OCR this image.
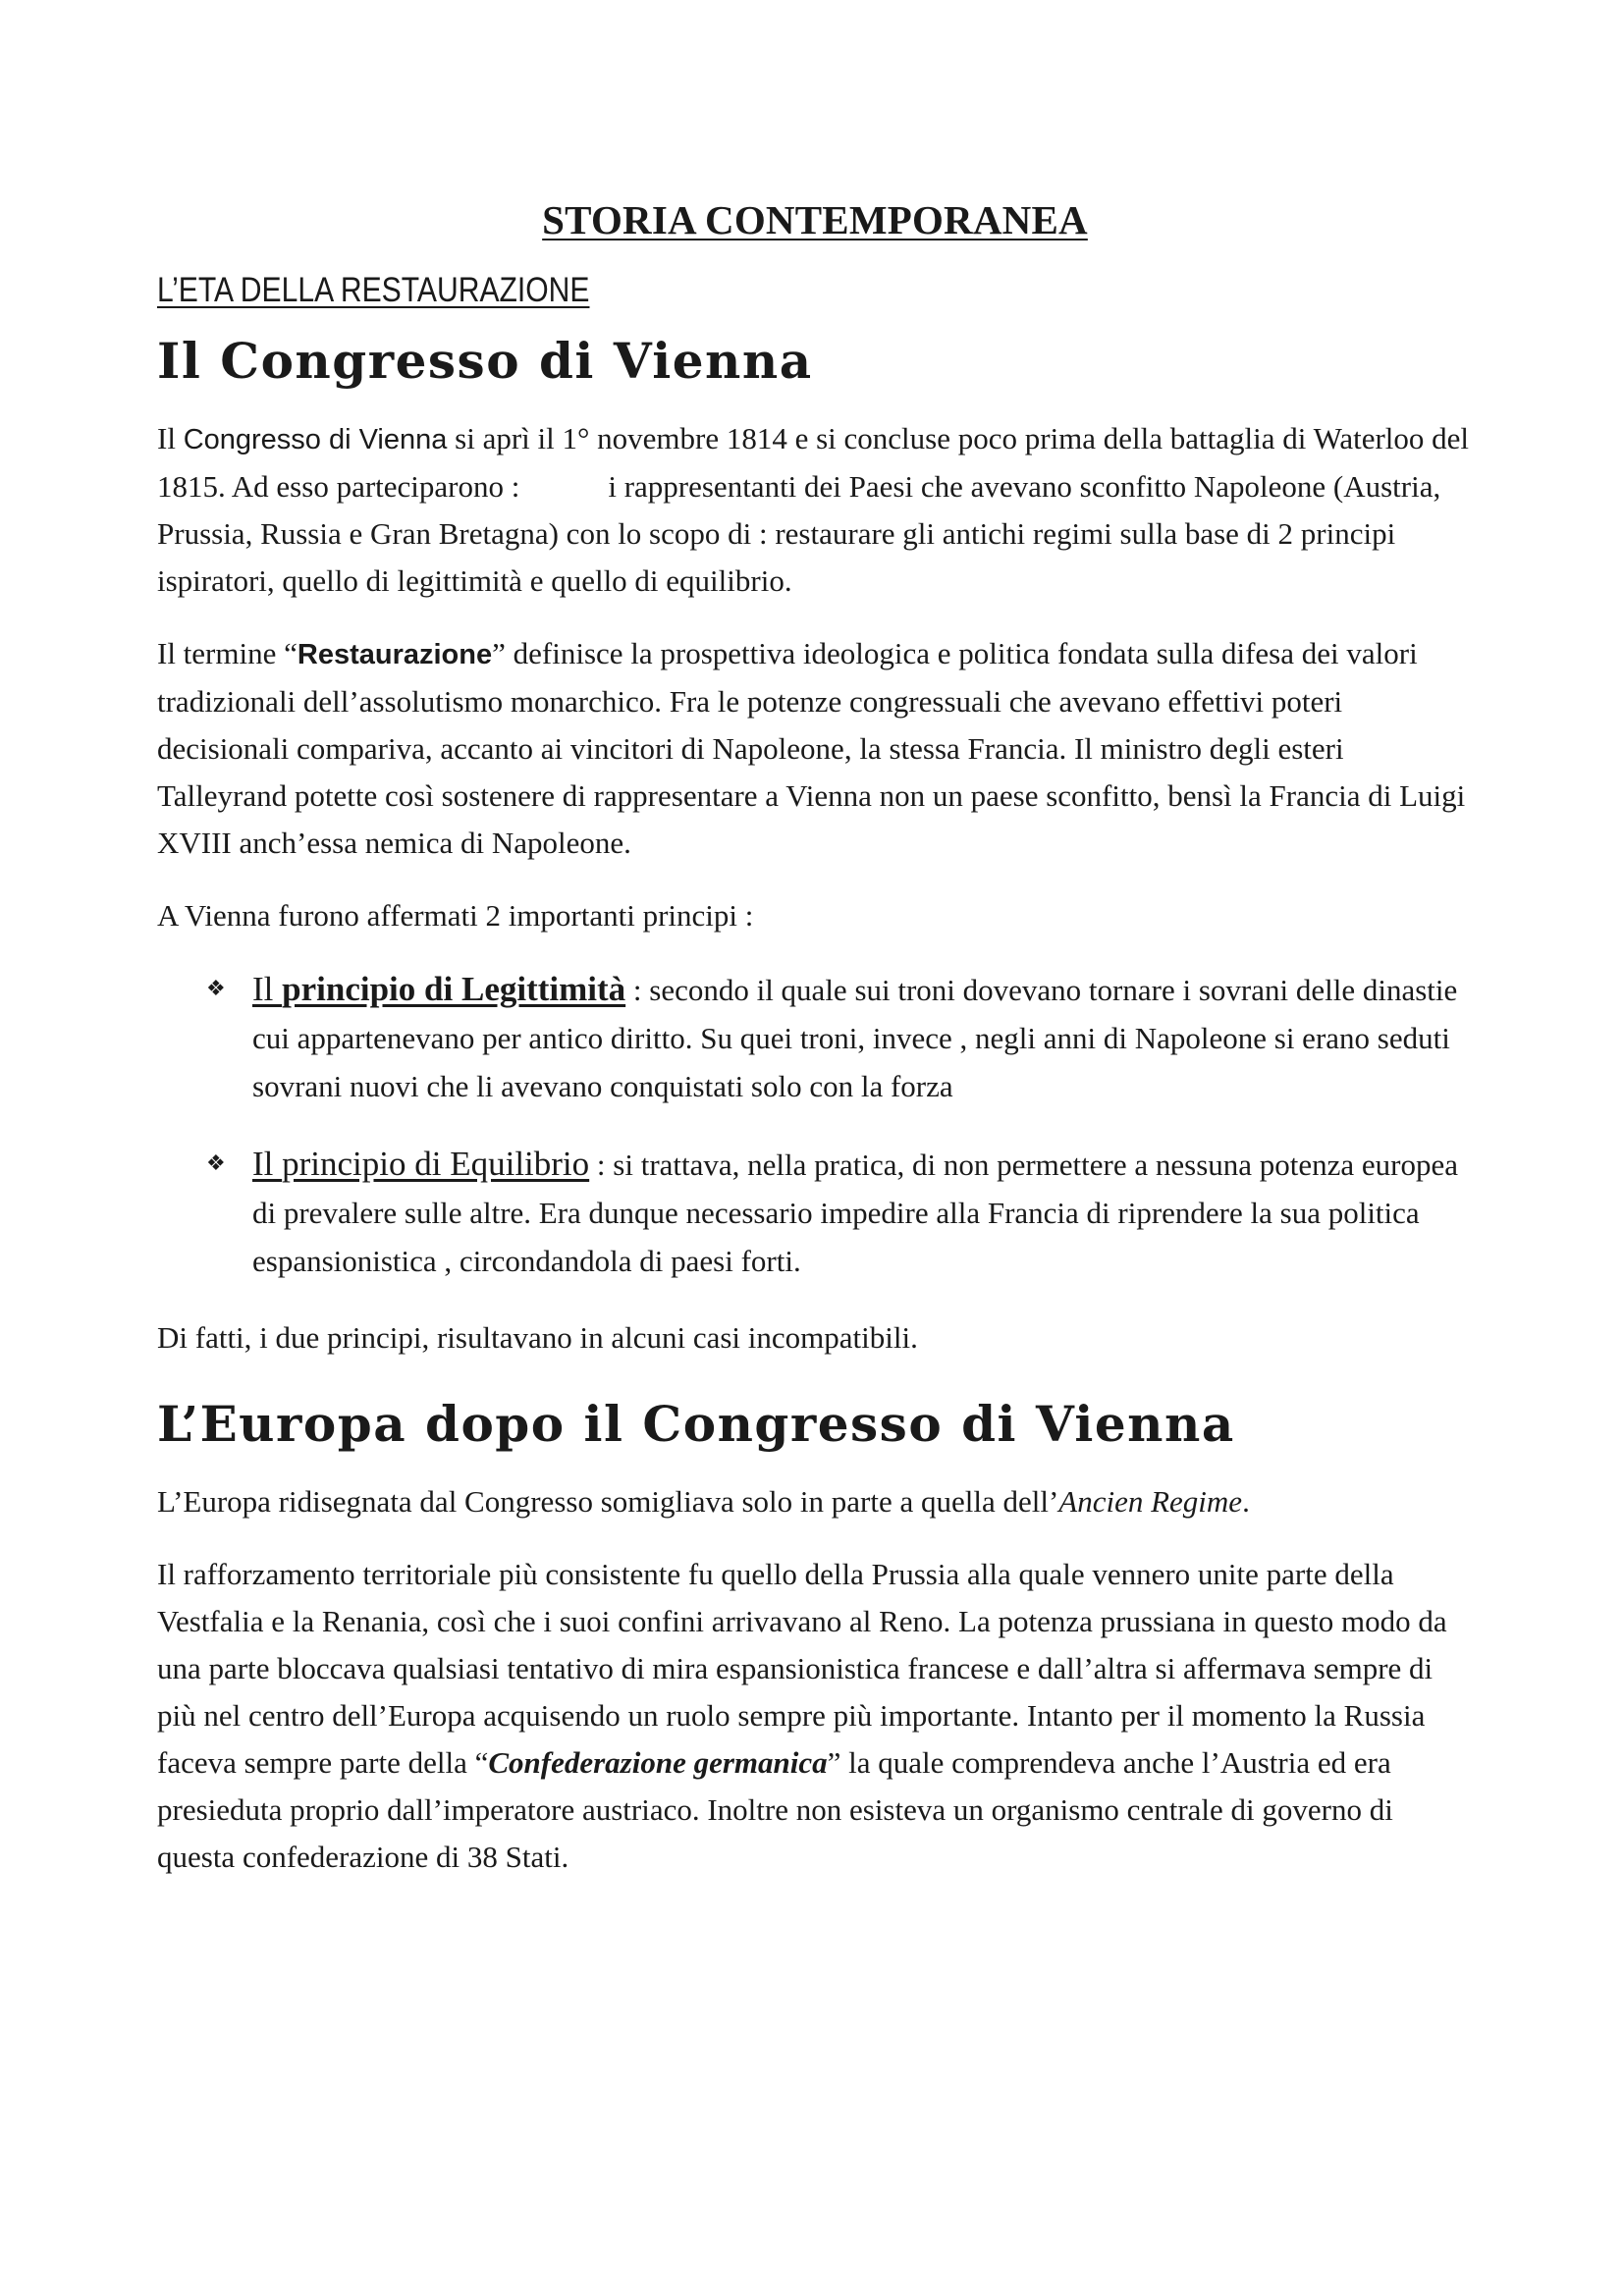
STORIA CONTEMPORANEA
L’ETA DELLA RESTAURAZIONE
Il Congresso di Vienna

Il Congresso di Vienna si aprì il 1° novembre 1814 e si concluse poco prima della battaglia di Waterloo del 1815. Ad esso parteciparono :	i rappresentanti dei Paesi che avevano sconfitto Napoleone (Austria, Prussia, Russia e Gran Bretagna) con lo scopo di : restaurare gli antichi regimi sulla base di 2 principi ispiratori, quello di legittimità e quello di equilibrio.

Il termine “Restaurazione” definisce la prospettiva ideologica e politica fondata sulla difesa dei valori tradizionali dell’assolutismo monarchico. Fra le potenze congressuali che avevano effettivi poteri decisionali compariva, accanto ai vincitori di Napoleone, la stessa Francia. Il ministro degli esteri Talleyrand potette così sostenere di rappresentare a Vienna non un paese sconfitto, bensì la Francia di Luigi XVIII anch’essa nemica di Napoleone.

A Vienna furono affermati 2 importanti principi :

❖ Il principio di Legittimità : secondo il quale sui troni dovevano tornare i sovrani delle dinastie cui appartenevano per antico diritto. Su quei troni, invece , negli anni di Napoleone si erano seduti sovrani nuovi che li avevano conquistati solo con la forza
❖ Il principio di Equilibrio : si trattava, nella pratica, di non permettere a nessuna potenza europea di prevalere sulle altre. Era dunque necessario impedire alla Francia di riprendere la sua politica espansionistica , circondandola di paesi forti.

Di fatti, i due principi, risultavano in alcuni casi incompatibili.

L’Europa dopo il Congresso di Vienna

L’Europa ridisegnata dal Congresso somigliava solo in parte a quella dell’Ancien Regime.

Il rafforzamento territoriale più consistente fu quello della Prussia alla quale vennero unite parte della Vestfalia e la Renania, così che i suoi confini arrivavano al Reno. La potenza prussiana in questo modo da una parte bloccava qualsiasi tentativo di mira espansionistica francese e dall’altra si affermava sempre di più nel centro dell’Europa acquisendo un ruolo sempre più importante. Intanto per il momento la Russia faceva sempre parte della “Confederazione germanica” la quale comprendeva anche l’Austria ed era presieduta proprio dall’imperatore austriaco. Inoltre non esisteva un organismo centrale di governo di questa confederazione di 38 Stati.
